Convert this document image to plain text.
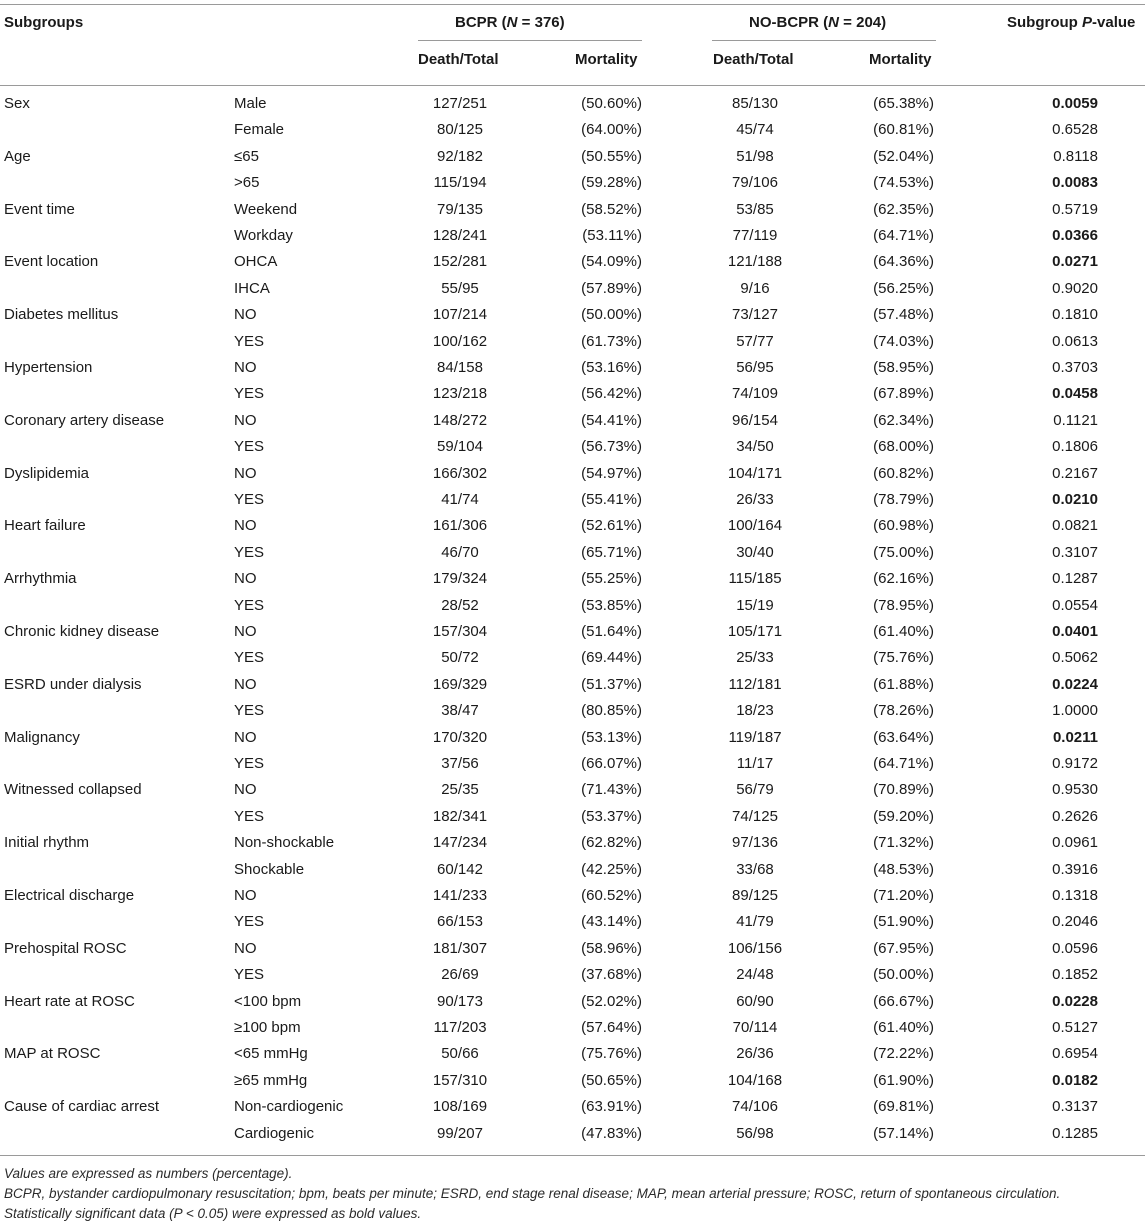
Subgroups	BCPR (N = 376)	NO-BCPR (N = 204)	Subgroup P-value
Death/Total	Mortality	Death/Total	Mortality
Sex	Male	127/251	(50.60%)	85/130	(65.38%)	0.0059
Female	80/125	(64.00%)	45/74	(60.81%)	0.6528
Age	≤65	92/182	(50.55%)	51/98	(52.04%)	0.8118
>65	115/194	(59.28%)	79/106	(74.53%)	0.0083
Event time	Weekend	79/135	(58.52%)	53/85	(62.35%)	0.5719
Workday	128/241	(53.11%)	77/119	(64.71%)	0.0366
Event location	OHCA	152/281	(54.09%)	121/188	(64.36%)	0.0271
IHCA	55/95	(57.89%)	9/16	(56.25%)	0.9020
Diabetes mellitus	NO	107/214	(50.00%)	73/127	(57.48%)	0.1810
YES	100/162	(61.73%)	57/77	(74.03%)	0.0613
Hypertension	NO	84/158	(53.16%)	56/95	(58.95%)	0.3703
YES	123/218	(56.42%)	74/109	(67.89%)	0.0458
Coronary artery disease	NO	148/272	(54.41%)	96/154	(62.34%)	0.1121
YES	59/104	(56.73%)	34/50	(68.00%)	0.1806
Dyslipidemia	NO	166/302	(54.97%)	104/171	(60.82%)	0.2167
YES	41/74	(55.41%)	26/33	(78.79%)	0.0210
Heart failure	NO	161/306	(52.61%)	100/164	(60.98%)	0.0821
YES	46/70	(65.71%)	30/40	(75.00%)	0.3107
Arrhythmia	NO	179/324	(55.25%)	115/185	(62.16%)	0.1287
YES	28/52	(53.85%)	15/19	(78.95%)	0.0554
Chronic kidney disease	NO	157/304	(51.64%)	105/171	(61.40%)	0.0401
YES	50/72	(69.44%)	25/33	(75.76%)	0.5062
ESRD under dialysis	NO	169/329	(51.37%)	112/181	(61.88%)	0.0224
YES	38/47	(80.85%)	18/23	(78.26%)	1.0000
Malignancy	NO	170/320	(53.13%)	119/187	(63.64%)	0.0211
YES	37/56	(66.07%)	11/17	(64.71%)	0.9172
Witnessed collapsed	NO	25/35	(71.43%)	56/79	(70.89%)	0.9530
YES	182/341	(53.37%)	74/125	(59.20%)	0.2626
Initial rhythm	Non-shockable	147/234	(62.82%)	97/136	(71.32%)	0.0961
Shockable	60/142	(42.25%)	33/68	(48.53%)	0.3916
Electrical discharge	NO	141/233	(60.52%)	89/125	(71.20%)	0.1318
YES	66/153	(43.14%)	41/79	(51.90%)	0.2046
Prehospital ROSC	NO	181/307	(58.96%)	106/156	(67.95%)	0.0596
YES	26/69	(37.68%)	24/48	(50.00%)	0.1852
Heart rate at ROSC	<100 bpm	90/173	(52.02%)	60/90	(66.67%)	0.0228
≥100 bpm	117/203	(57.64%)	70/114	(61.40%)	0.5127
MAP at ROSC	<65 mmHg	50/66	(75.76%)	26/36	(72.22%)	0.6954
≥65 mmHg	157/310	(50.65%)	104/168	(61.90%)	0.0182
Cause of cardiac arrest	Non-cardiogenic	108/169	(63.91%)	74/106	(69.81%)	0.3137
Cardiogenic	99/207	(47.83%)	56/98	(57.14%)	0.1285
Values are expressed as numbers (percentage).
BCPR, bystander cardiopulmonary resuscitation; bpm, beats per minute; ESRD, end stage renal disease; MAP, mean arterial pressure; ROSC, return of spontaneous circulation.
Statistically significant data (P < 0.05) were expressed as bold values.
